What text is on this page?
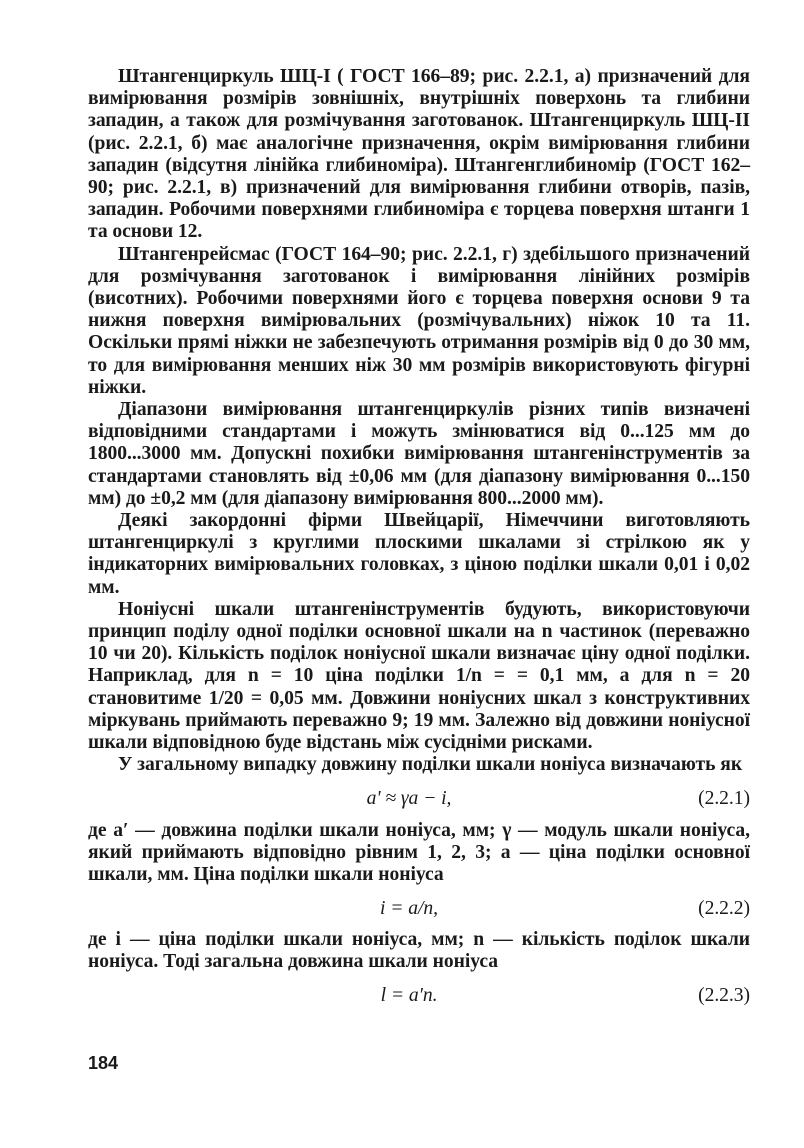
Штангенциркуль ШЦ-I ( ГОСТ 166–89; рис. 2.2.1, а) призначений для вимірювання розмірів зовнішніх, внутрішніх поверхонь та глибини западин, а також для розмічування заготованок. Штангенциркуль ШЦ-II (рис. 2.2.1, б) має аналогічне призначення, окрім вимірювання глибини западин (відсутня лінійка глибиноміра). Штангенглибиномір (ГОСТ 162–90; рис. 2.2.1, в) призначений для вимірювання глибини отворів, пазів, западин. Робочими поверхнями глибиноміра є торцева поверхня штанги 1 та основи 12.

Штангенрейсмас (ГОСТ 164–90; рис. 2.2.1, г) здебільшого призначений для розмічування заготованок і вимірювання лінійних розмірів (висотних). Робочими поверхнями його є торцева поверхня основи 9 та нижня поверхня вимірювальних (розмічувальних) ніжок 10 та 11. Оскільки прямі ніжки не забезпечують отримання розмірів від 0 до 30 мм, то для вимірювання менших ніж 30 мм розмірів використовують фігурні ніжки.

Діапазони вимірювання штангенциркулів різних типів визначені відповідними стандартами і можуть змінюватися від 0...125 мм до 1800...3000 мм. Допускні похибки вимірювання штангенінструментів за стандартами становлять від ±0,06 мм (для діапазону вимірювання 0...150 мм) до ±0,2 мм (для діапазону вимірювання 800...2000 мм).

Деякі закордонні фірми Швейцарії, Німеччини виготовляють штангенциркулі з круглими плоскими шкалами зі стрілкою як у індикаторних вимірювальних головках, з ціною поділки шкали 0,01 і 0,02 мм.

Ноніусні шкали штангенінструментів будують, використовуючи принцип поділу одної поділки основної шкали на n частинок (переважно 10 чи 20). Кількість поділок ноніусної шкали визначає ціну одної поділки. Наприклад, для n = 10 ціна поділки 1/n = = 0,1 мм, а для n = 20 становитиме 1/20 = 0,05 мм. Довжини ноніусних шкал з конструктивних міркувань приймають переважно 9; 19 мм. Залежно від довжини ноніусної шкали відповідною буде відстань між сусідніми рисками.

У загальному випадку довжину поділки шкали ноніуса визначають як

a' ≈ γa − i,	(2.2.1)

де a′ — довжина поділки шкали ноніуса, мм; γ — модуль шкали ноніуса, який приймають відповідно рівним 1, 2, 3; a — ціна поділки основної шкали, мм. Ціна поділки шкали ноніуса

i = a/n,	(2.2.2)

де i — ціна поділки шкали ноніуса, мм; n — кількість поділок шкали ноніуса. Тоді загальна довжина шкали ноніуса

l = a′n.	(2.2.3)
184
